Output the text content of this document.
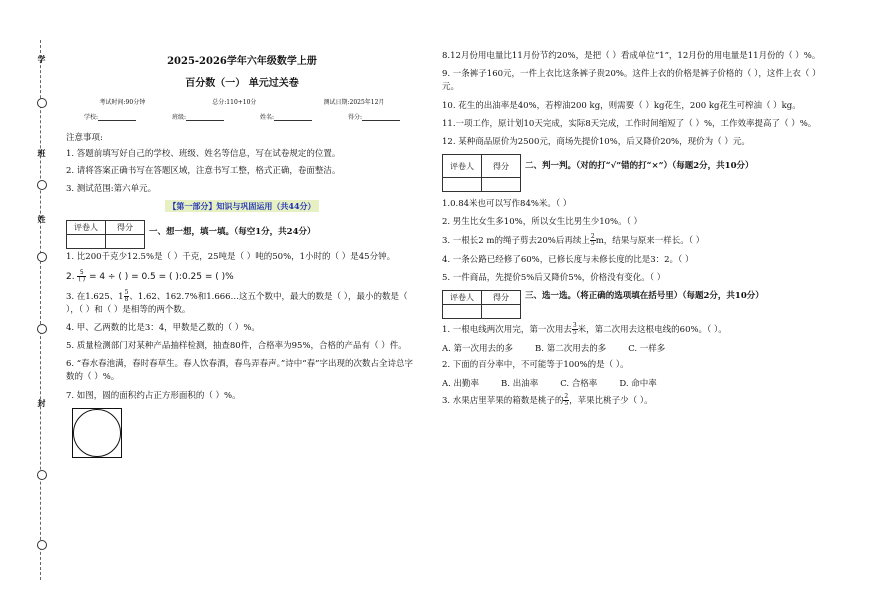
学
班
姓
封
2025-2026学年六年级数学上册
百分数（一） 单元过关卷
考试时间:90分钟	总分:110+10分	测试日期:2025年12月
学校:	班级:	姓名:	得分:
注意事项:
1. 答题前填写好自己的学校、班级、姓名等信息，写在试卷规定的位置。
2. 请将答案正确书写在答题区域，注意书写工整，格式正确，卷面整洁。
3. 测试范围:第六单元。
【第一部分】知识与巩固运用（共44分）
评卷人	得分
	一、想一想，填一填。（每空1分，共24分）
1. 比200千克少12.5%是（ ）千克，25吨是（ ）吨的50%，1小时的（ ）是45分钟。
2. $\frac{5}{( )} = 4$ ÷ ( ) = 0.5 = ( ):0.25 = ( )%
3. 在1.625、$1 \frac{5}{8}$ 、1.62、162.7%和1.666…这五个数中，最大的数是（ ），最小的数是（ ），（ ）和（ ）是相等的两个数。
4. 甲、乙两数的比是3：4，甲数是乙数的（ ）%。
5. 质量检测部门对某种产品抽样检测，抽查80件，合格率为95%，合格的产品有（ ）件。
6. “春水春池满，春时春草生。春人饮春酒，春鸟弄春声。”诗中“春”字出现的次数占全诗总字数的（ ）%。
7. 如图，圆的面积约占正方形面积的（ ）%。
8.12月份用电量比11月份节约20%，是把（ ）看成单位“1”，12月份的用电量是11月份的（ ）%。
9. 一条裤子160元，一件上衣比这条裤子贵20%。这件上衣的价格是裤子价格的（ ），这件上衣（ ）元。
10. 花生的出油率是40%，若榨油200 kg，则需要（ ）kg花生，200 kg花生可榨油（ ）kg。
11.一项工作，原计划10天完成，实际8天完成，工作时间缩短了（ ）%，工作效率提高了（ ）%。
12. 某种商品原价为2500元，商场先提价10%，后又降价20%，现价为（ ）元。
评卷人	得分
	二、判一判。（对的打“√”错的打“×”）（每题2分，共10分）
1.0.84米也可以写作84%米。（ ）
2. 男生比女生多10%，所以女生比男生少10%。（ ）
3. 一根长2 m的绳子剪去20%后再续上 $\frac{2}{5}$ m，结果与原来一样长。（ ）
4. 一条公路已经修了60%，已修长度与未修长度的比是3：2。（ ）
5. 一件商品，先提价5%后又降价5%，价格没有变化。（ ）
评卷人	得分
	三、选一选。（将正确的选项填在括号里）（每题2分，共10分）
1. 一根电线两次用完，第一次用去 $\frac{3}{5}$ 米，第二次用去这根电线的60%。（ ）。
A. 第一次用去的多	B. 第二次用去的多	C. 一样多
2. 下面的百分率中，不可能等于100%的是（ ）。
A. 出勤率	B. 出油率	C. 合格率	D. 命中率
3. 水果店里苹果的箱数是桃子的 $\frac{2}{5}$ ，苹果比桃子少（ ）。
